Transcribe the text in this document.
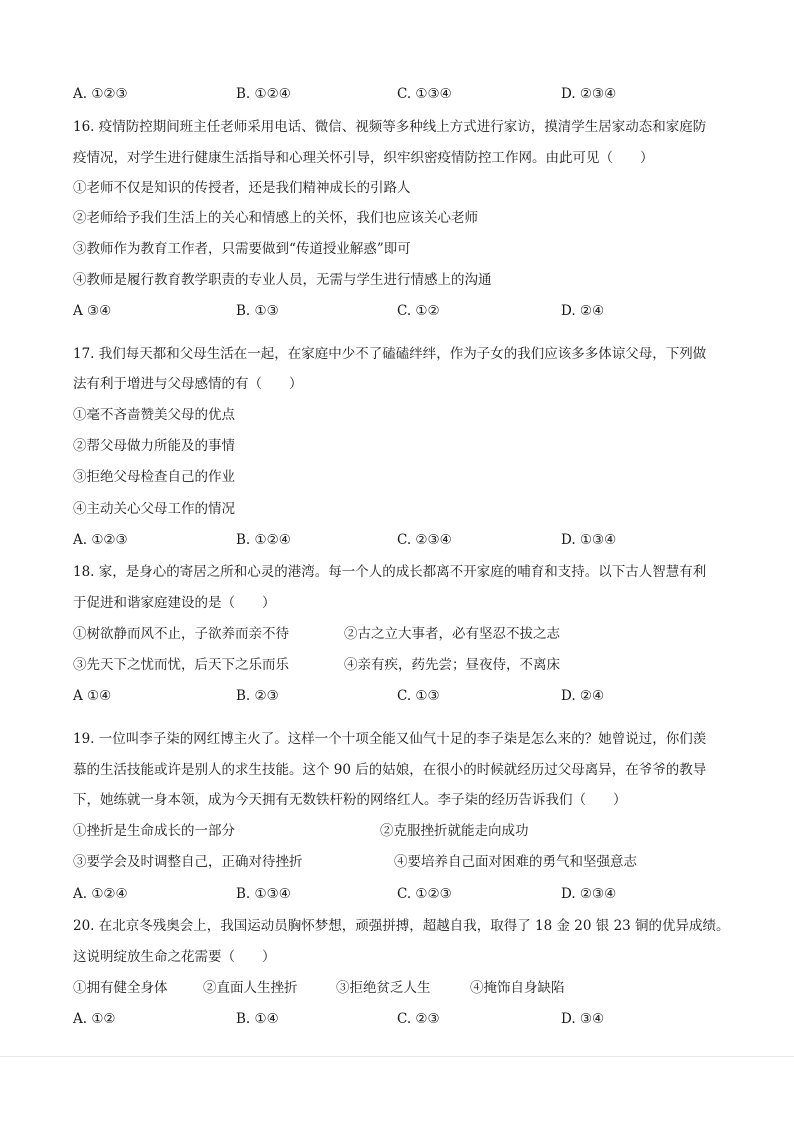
A. ①②③	B. ①②④	C. ①③④	D. ②③④
16. 疫情防控期间班主任老师采用电话、微信、视频等多种线上方式进行家访，摸清学生居家动态和家庭防
疫情况，对学生进行健康生活指导和心理关怀引导，织牢织密疫情防控工作网。由此可见（　　）
①老师不仅是知识的传授者，还是我们精神成长的引路人
②老师给予我们生活上的关心和情感上的关怀，我们也应该关心老师
③教师作为教育工作者，只需要做到“传道授业解惑”即可
④教师是履行教育教学职责的专业人员，无需与学生进行情感上的沟通
A ③④	B. ①③	C. ①②	D. ②④
17. 我们每天都和父母生活在一起，在家庭中少不了磕磕绊绊，作为子女的我们应该多多体谅父母，下列做
法有利于增进与父母感情的有（　　）
①毫不吝啬赞美父母的优点
②帮父母做力所能及的事情
③拒绝父母检查自己的作业
④主动关心父母工作的情况
A. ①②③	B. ①②④	C. ②③④	D. ①③④
18. 家，是身心的寄居之所和心灵的港湾。每一个人的成长都离不开家庭的哺育和支持。以下古人智慧有利
于促进和谐家庭建设的是（　　）
①树欲静而风不止，子欲养而亲不待	②古之立大事者，必有坚忍不拔之志
③先天下之忧而忧，后天下之乐而乐	④亲有疾，药先尝；昼夜侍，不离床
A ①④	B. ②③	C. ①③	D. ②④
19. 一位叫李子柒的网红博主火了。这样一个十项全能又仙气十足的李子柒是怎么来的？她曾说过，你们羡
慕的生活技能或许是别人的求生技能。这个 90 后的姑娘，在很小的时候就经历过父母离异，在爷爷的教导
下，她练就一身本领，成为今天拥有无数铁杆粉的网络红人。李子柒的经历告诉我们（　　）
①挫折是生命成长的一部分	②克服挫折就能走向成功
③要学会及时调整自己，正确对待挫折	④要培养自己面对困难的勇气和坚强意志
A. ①②④	B. ①③④	C. ①②③	D. ②③④
20. 在北京冬残奥会上，我国运动员胸怀梦想，顽强拼搏，超越自我，取得了 18 金 20 银 23 铜的优异成绩。
这说明绽放生命之花需要（　　）
①拥有健全身体	②直面人生挫折	③拒绝贫乏人生	④掩饰自身缺陷
A. ①②	B. ①④	C. ②③	D. ③④
